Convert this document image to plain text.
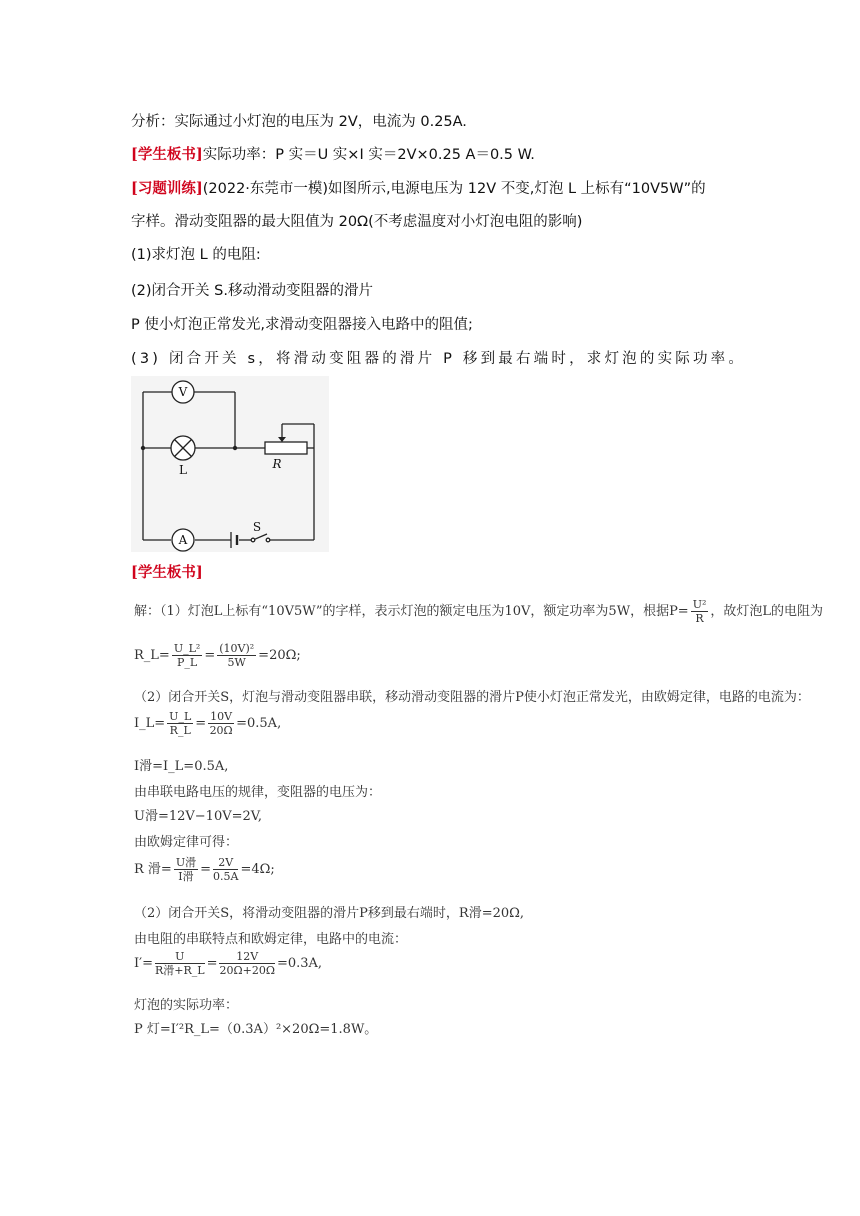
分析：实际通过小灯泡的电压为 2V，电流为 0.25A.
[学生板书]实际功率：P 实＝U 实×I 实＝2V×0.25 A＝0.5 W.
[习题训练](2022·东莞市一模)如图所示,电源电压为 12V 不变,灯泡 L 上标有“10V5W”的
字样。滑动变阻器的最大阻值为 20Ω(不考虑温度对小灯泡电阻的影响)
(1)求灯泡 L 的电阻:
(2)闭合开关 S.移动滑动变阻器的滑片
P 使小灯泡正常发光,求滑动变阻器接入电路中的阻值;
(3) 闭合开关 s，将滑动变阻器的滑片 P 移到最右端时，求灯泡的实际功率。
V
A
L	R
S
[学生板书]
解：（1）灯泡L上标有“10V5W”的字样，表示灯泡的额定电压为10V，额定功率为5W，根据$P= \frac{\text{U²}}{R}$ ，故灯泡L的电阻为
R_L= $\frac{\text{U\_L²}}{P\_L} = \frac{\text{(10V)²}}{5W} =20\Omega$;
（2）闭合开关S，灯泡与滑动变阻器串联，移动滑动变阻器的滑片P使小灯泡正常发光，由欧姆定律，电路的电流为：
I_L= $\frac{U\_L}{R\_L} = \frac{10V}{20\Omega} =0.5A$,
I滑=I_L=0.5A,
由串联电路电压的规律，变阻器的电压为：
U滑=12V−10V=2V,
由欧姆定律可得：
R 滑= $\frac{\text{U滑}}{\text{I滑}} = \frac{2V}{0.5A} =4\Omega$;
（2）闭合开关S，将滑动变阻器的滑片P移到最右端时，R滑=20Ω,
由电阻的串联特点和欧姆定律，电路中的电流：
$I'= \frac{U}{\text{R滑+R\_L}} = \frac{12V}{20\Omega+20\Omega} =0.3A$,
灯泡的实际功率：
P 灯=I′²R_L=（0.3A）²×20Ω=1.8W。
